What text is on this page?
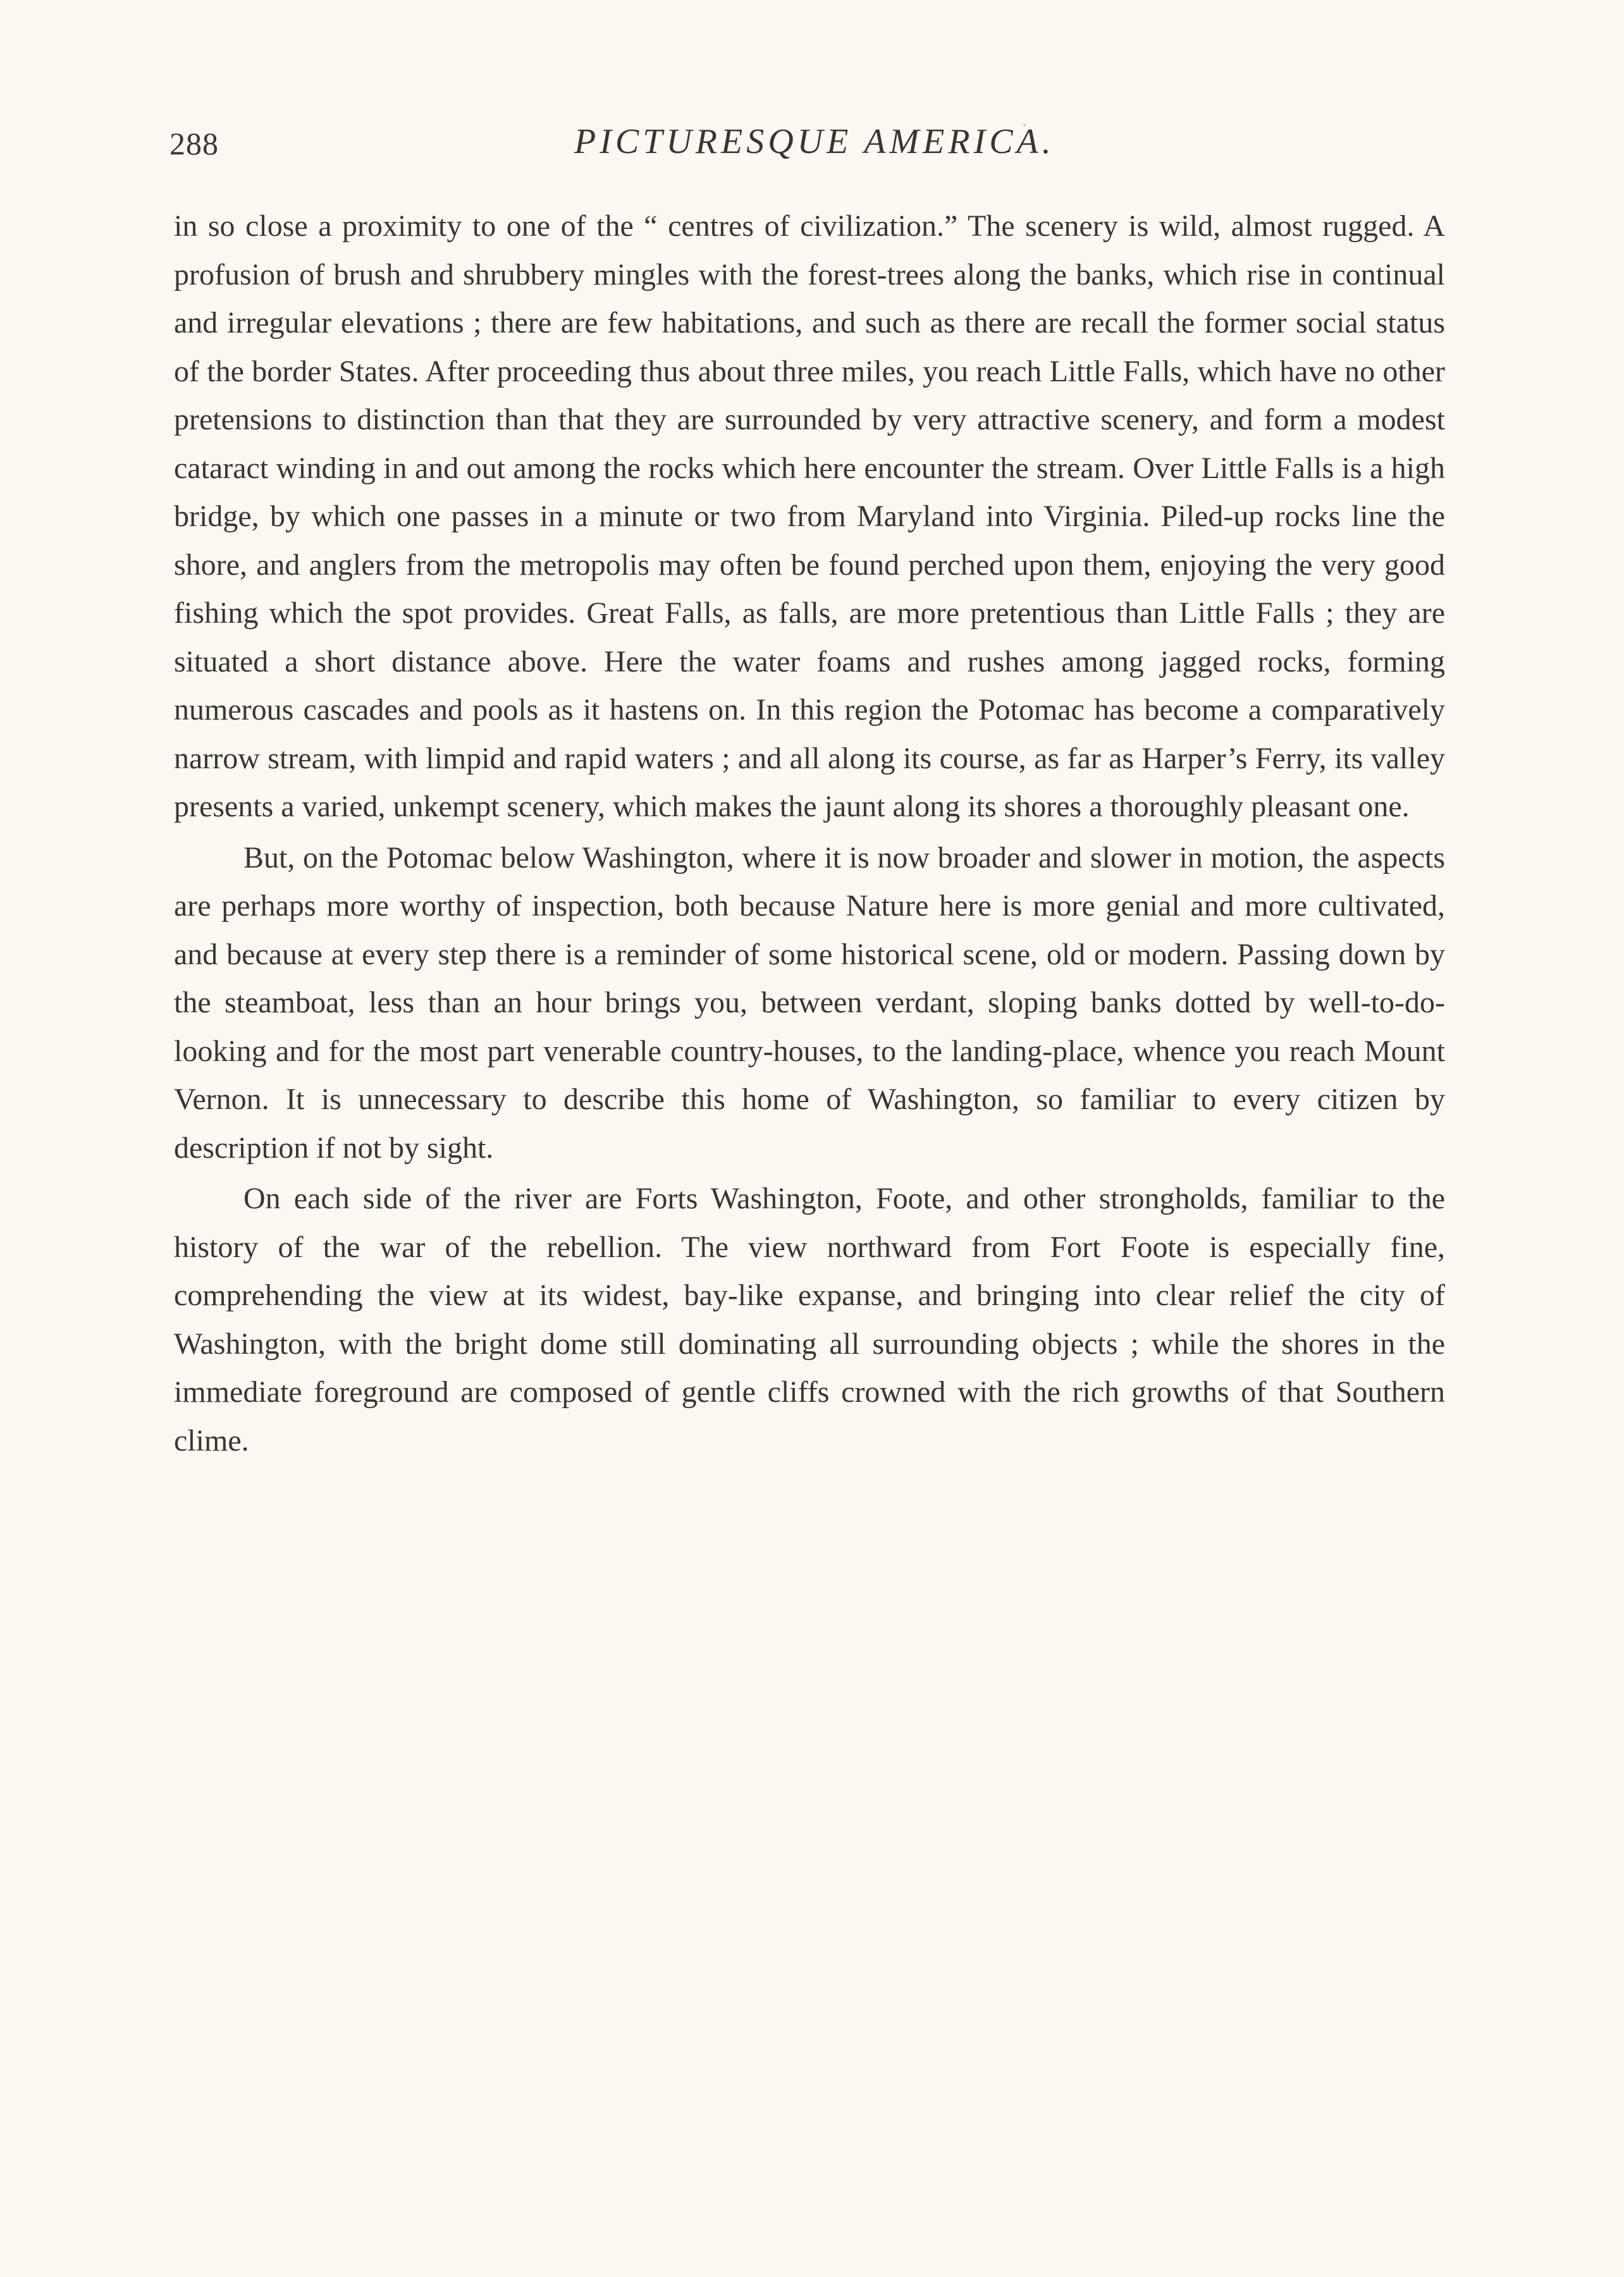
288	PICTURESQUE AMERICA.

in so close a proximity to one of the “ centres of civilization.” The scenery is wild, almost rugged. A profusion of brush and shrubbery mingles with the forest-trees along the banks, which rise in continual and irregular elevations ; there are few habitations, and such as there are recall the former social status of the border States. After proceeding thus about three miles, you reach Little Falls, which have no other pretensions to distinction than that they are surrounded by very attractive scenery, and form a modest cataract winding in and out among the rocks which here encounter the stream. Over Little Falls is a high bridge, by which one passes in a minute or two from Maryland into Virginia. Piled-up rocks line the shore, and anglers from the metropolis may often be found perched upon them, enjoying the very good fishing which the spot provides. Great Falls, as falls, are more pretentious than Little Falls ; they are situated a short distance above. Here the water foams and rushes among jagged rocks, forming numerous cascades and pools as it hastens on. In this region the Potomac has become a comparatively narrow stream, with limpid and rapid waters ; and all along its course, as far as Harper’s Ferry, its valley presents a varied, unkempt scenery, which makes the jaunt along its shores a thoroughly pleasant one.

But, on the Potomac below Washington, where it is now broader and slower in motion, the aspects are perhaps more worthy of inspection, both because Nature here is more genial and more cultivated, and because at every step there is a reminder of some historical scene, old or modern. Passing down by the steamboat, less than an hour brings you, between verdant, sloping banks dotted by well-to-do-looking and for the most part venerable country-houses, to the landing-place, whence you reach Mount Vernon. It is unnecessary to describe this home of Washington, so familiar to every citizen by description if not by sight.

On each side of the river are Forts Washington, Foote, and other strongholds, familiar to the history of the war of the rebellion. The view northward from Fort Foote is especially fine, comprehending the view at its widest, bay-like expanse, and bringing into clear relief the city of Washington, with the bright dome still dominating all surrounding objects ; while the shores in the immediate foreground are composed of gentle cliffs crowned with the rich growths of that Southern clime.
